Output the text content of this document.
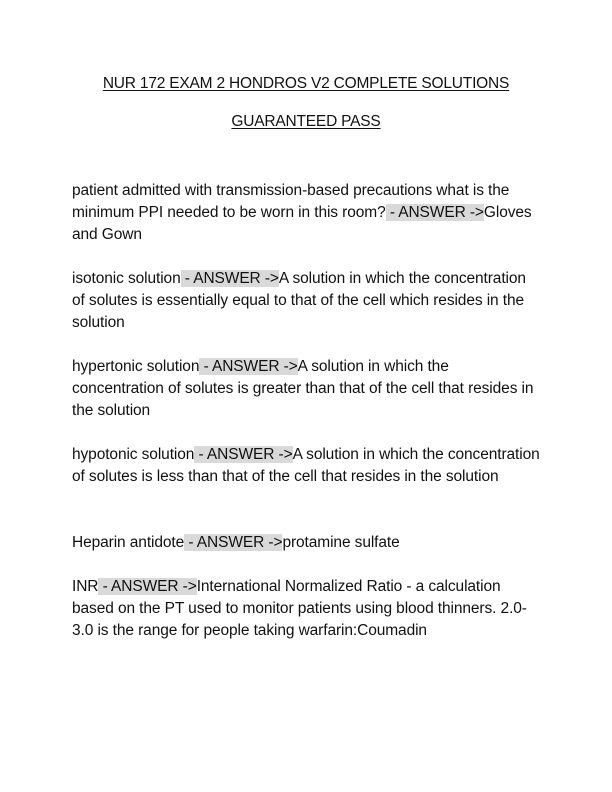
NUR 172 EXAM 2 HONDROS V2 COMPLETE SOLUTIONS
GUARANTEED PASS
patient admitted with transmission-based precautions what is the minimum PPI needed to be worn in this room? - ANSWER ->Gloves and Gown
isotonic solution - ANSWER ->A solution in which the concentration of solutes is essentially equal to that of the cell which resides in the solution
hypertonic solution - ANSWER ->A solution in which the concentration of solutes is greater than that of the cell that resides in the solution
hypotonic solution - ANSWER ->A solution in which the concentration of solutes is less than that of the cell that resides in the solution
Heparin antidote - ANSWER ->protamine sulfate
INR - ANSWER ->International Normalized Ratio - a calculation based on the PT used to monitor patients using blood thinners. 2.0-3.0 is the range for people taking warfarin:Coumadin
